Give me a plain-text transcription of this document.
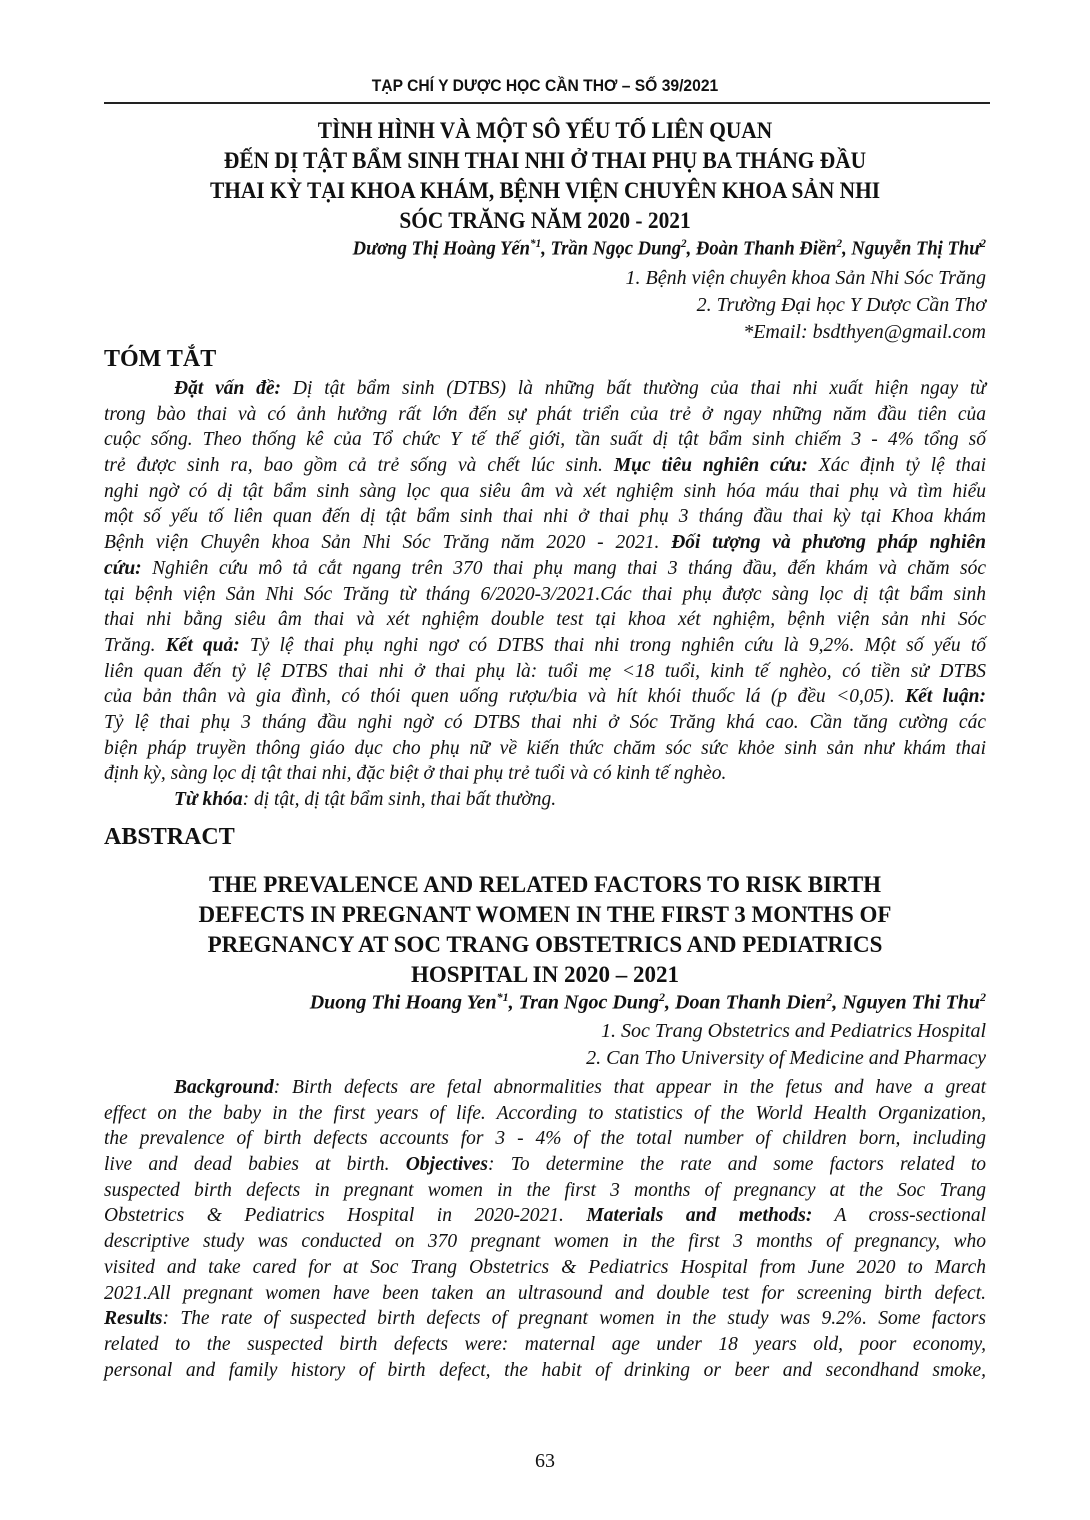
TẠP CHÍ Y DƯỢC HỌC CẦN THƠ – SỐ 39/2021
TÌNH HÌNH VÀ MỘT SÔ YẾU TỐ LIÊN QUAN
ĐẾN DỊ TẬT BẨM SINH THAI NHI Ở THAI PHỤ BA THÁNG ĐẦU
THAI KỲ TẠI KHOA KHÁM, BỆNH VIỆN CHUYÊN KHOA SẢN NHI
SÓC TRĂNG NĂM 2020 - 2021
Dương Thị Hoàng Yến$^{*1}$, Trần Ngọc Dung$^2$, Đoàn Thanh Điền$^2$, Nguyễn Thị Thư$^2$
1. Bệnh viện chuyên khoa Sản Nhi Sóc Trăng
2. Trường Đại học Y Dược Cần Thơ
*Email: bsdthyen@gmail.com
TÓM TẮT
Đặt vấn đề: Dị tật bẩm sinh (DTBS) là những bất thường của thai nhi xuất hiện ngay từ
trong bào thai và có ảnh hưởng rất lớn đến sự phát triển của trẻ ở ngay những năm đầu tiên của
cuộc sống. Theo thống kê của Tổ chức Y tế thế giới, tần suất dị tật bẩm sinh chiếm 3 - 4% tổng số
trẻ được sinh ra, bao gồm cả trẻ sống và chết lúc sinh. Mục tiêu nghiên cứu: Xác định tỷ lệ thai
nghi ngờ có dị tật bẩm sinh sàng lọc qua siêu âm và xét nghiệm sinh hóa máu thai phụ và tìm hiểu
một số yếu tố liên quan đến dị tật bẩm sinh thai nhi ở thai phụ 3 tháng đầu thai kỳ tại Khoa khám
Bệnh viện Chuyên khoa Sản Nhi Sóc Trăng năm 2020 - 2021. Đối tượng và phương pháp nghiên
cứu: Nghiên cứu mô tả cắt ngang trên 370 thai phụ mang thai 3 tháng đầu, đến khám và chăm sóc
tại bệnh viện Sản Nhi Sóc Trăng từ tháng 6/2020-3/2021.Các thai phụ được sàng lọc dị tật bẩm sinh
thai nhi bằng siêu âm thai và xét nghiệm double test tại khoa xét nghiệm, bệnh viện sản nhi Sóc
Trăng. Kết quả: Tỷ lệ thai phụ nghi ngơ có DTBS thai nhi trong nghiên cứu là 9,2%. Một số yếu tố
liên quan đến tỷ lệ DTBS thai nhi ở thai phụ là: tuổi mẹ <18 tuổi, kinh tế nghèo, có tiền sử DTBS
của bản thân và gia đình, có thói quen uống rượu/bia và hít khói thuốc lá (p đều <0,05). Kết luận:
Tỷ lệ thai phụ 3 tháng đầu nghi ngờ có DTBS thai nhi ở Sóc Trăng khá cao. Cần tăng cường các
biện pháp truyền thông giáo dục cho phụ nữ về kiến thức chăm sóc sức khỏe sinh sản như khám thai
định kỳ, sàng lọc dị tật thai nhi, đặc biệt ở thai phụ trẻ tuổi và có kinh tế nghèo.
Từ khóa: dị tật, dị tật bẩm sinh, thai bất thường.
ABSTRACT
THE PREVALENCE AND RELATED FACTORS TO RISK BIRTH
DEFECTS IN PREGNANT WOMEN IN THE FIRST 3 MONTHS OF
PREGNANCY AT SOC TRANG OBSTETRICS AND PEDIATRICS
HOSPITAL IN 2020 – 2021
Duong Thi Hoang Yen$^{*1}$, Tran Ngoc Dung$^2$, Doan Thanh Dien$^2$, Nguyen Thi Thu$^2$
1. Soc Trang Obstetrics and Pediatrics Hospital
2. Can Tho University of Medicine and Pharmacy
Background: Birth defects are fetal abnormalities that appear in the fetus and have a great
effect on the baby in the first years of life. According to statistics of the World Health Organization,
the prevalence of birth defects accounts for 3 - 4% of the total number of children born, including
live and dead babies at birth. Objectives: To determine the rate and some factors related to
suspected birth defects in pregnant women in the first 3 months of pregnancy at the Soc Trang
Obstetrics & Pediatrics Hospital in 2020-2021. Materials and methods: A cross-sectional
descriptive study was conducted on 370 pregnant women in the first 3 months of pregnancy, who
visited and take cared for at Soc Trang Obstetrics & Pediatrics Hospital from June 2020 to March
2021.All pregnant women have been taken an ultrasound and double test for screening birth defect.
Results: The rate of suspected birth defects of pregnant women in the study was 9.2%. Some factors
related to the suspected birth defects were: maternal age under 18 years old, poor economy,
personal and family history of birth defect, the habit of drinking or beer and secondhand smoke,
63
